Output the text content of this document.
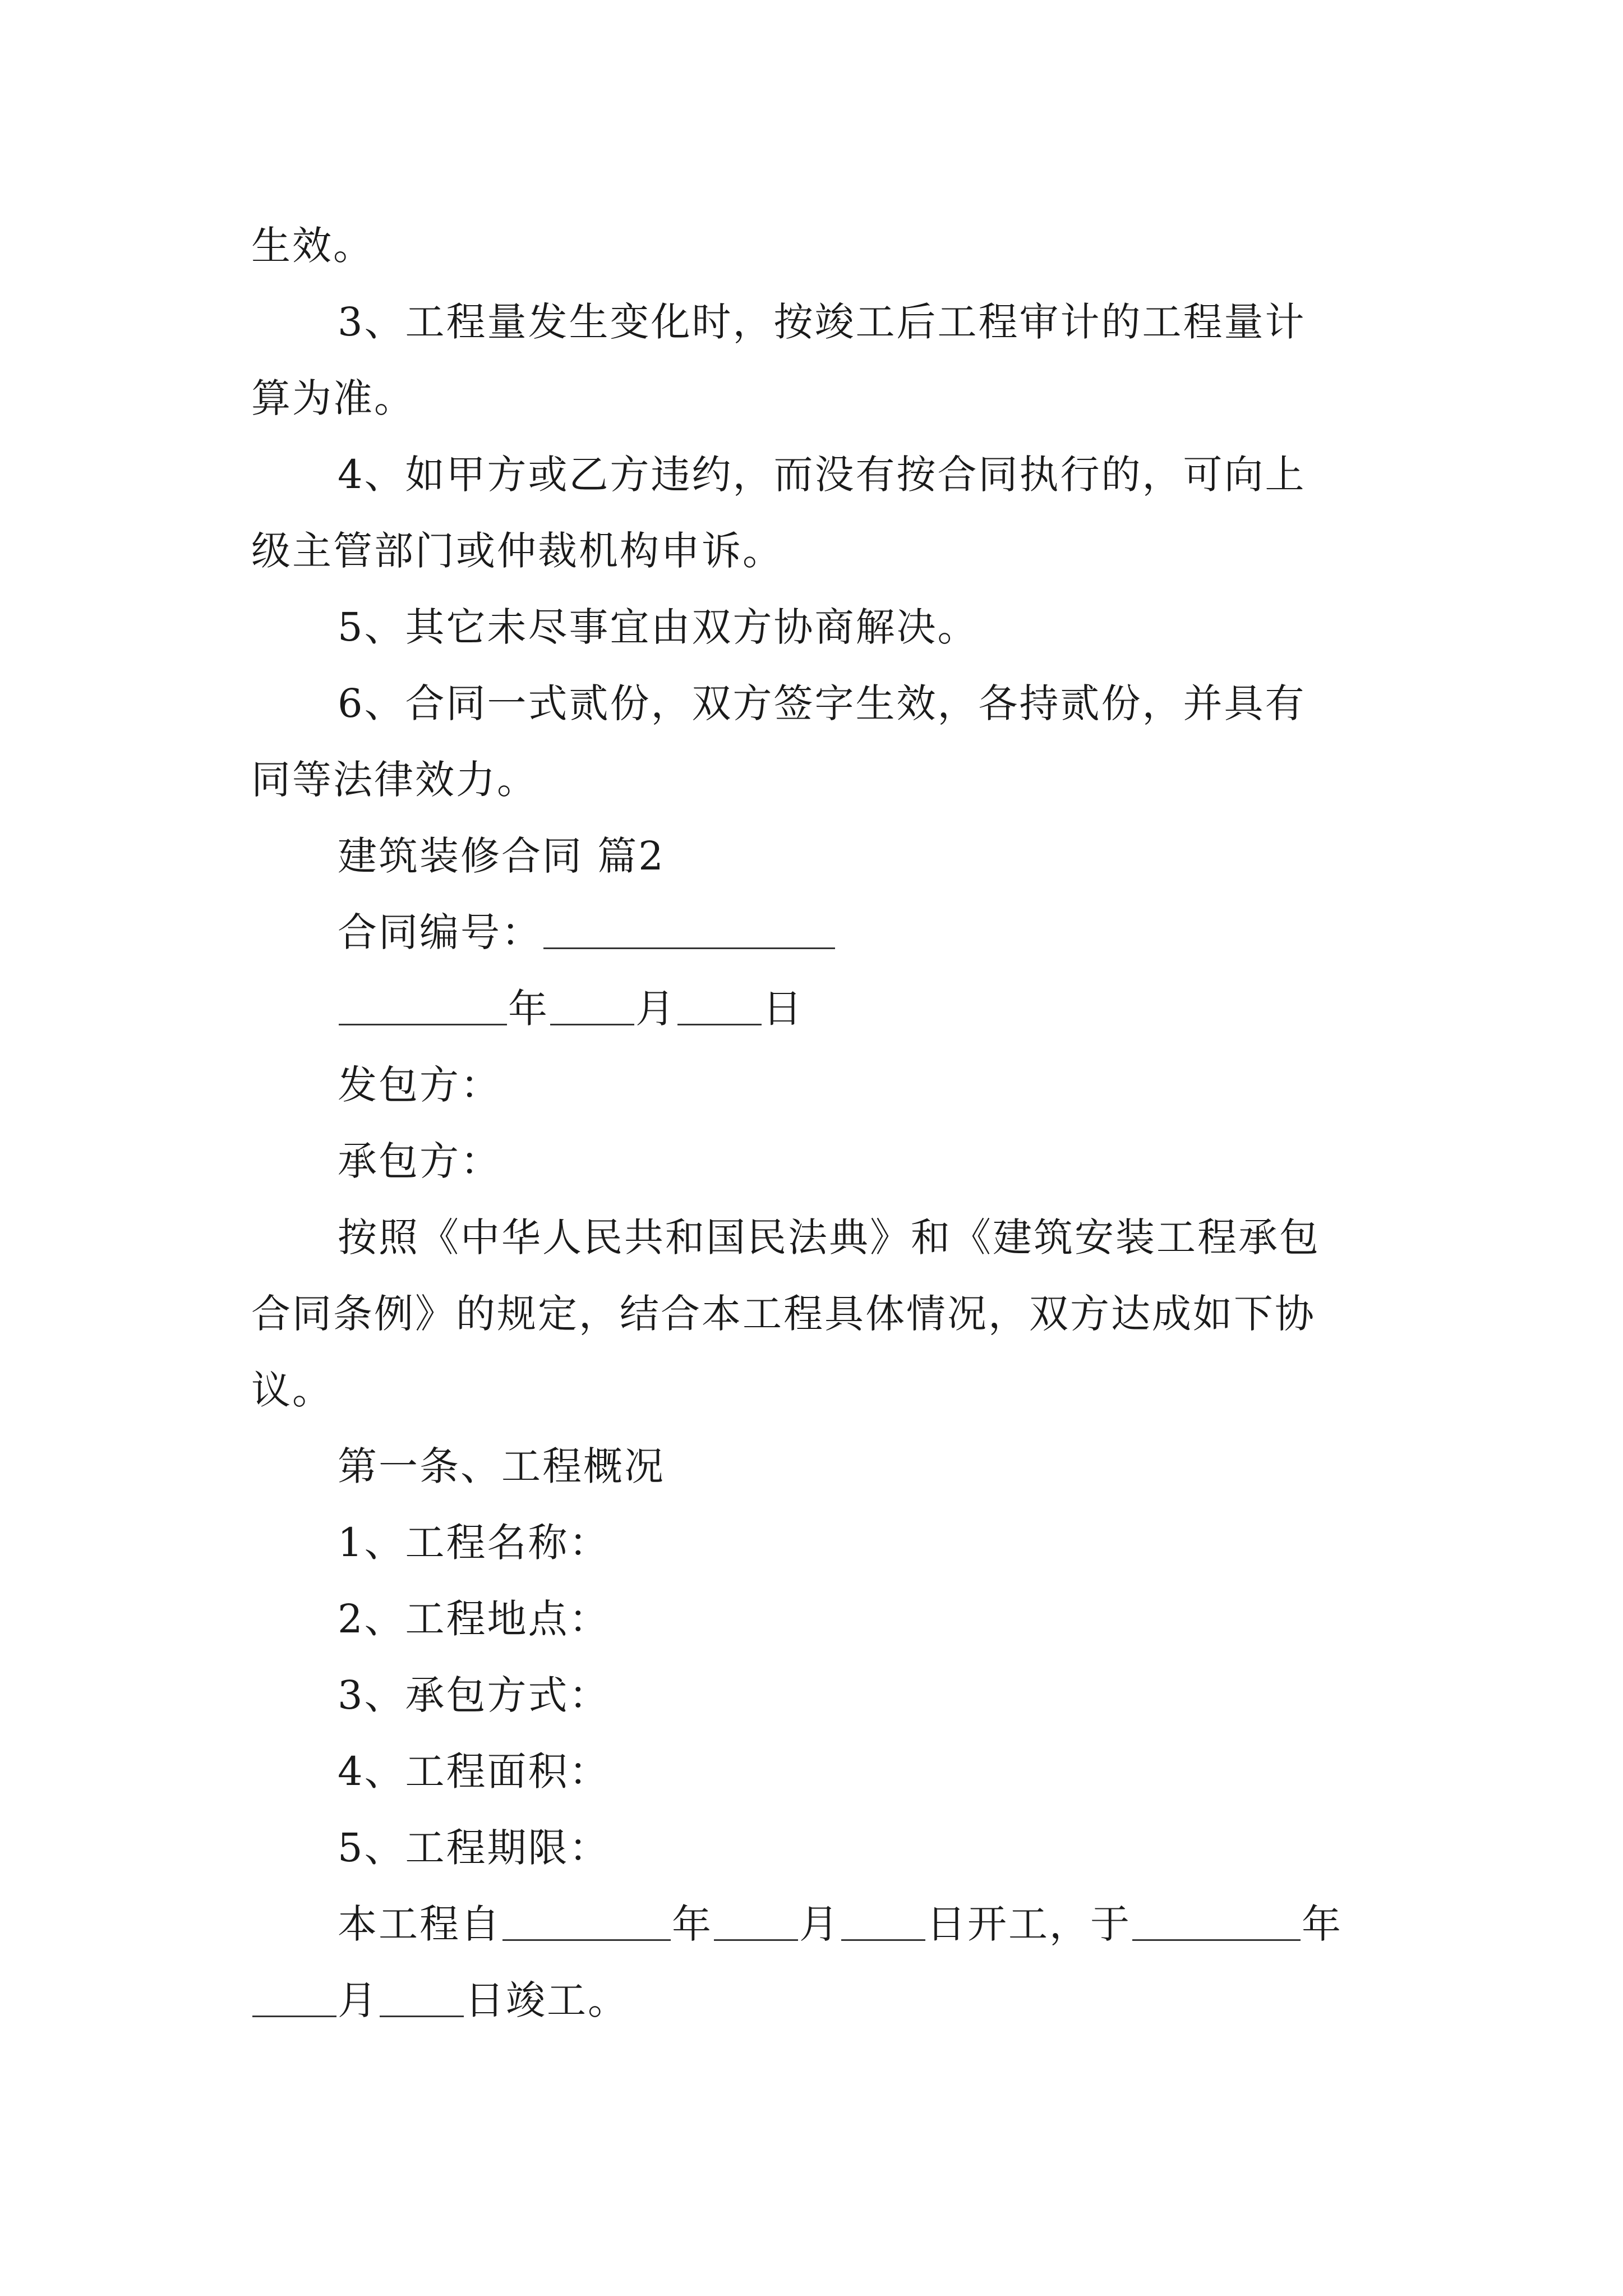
生效。
3、工程量发生变化时，按竣工后工程审计的工程量计
算为准。
4、如甲方或乙方违约，而没有按合同执行的，可向上
级主管部门或仲裁机构申诉。
5、其它未尽事宜由双方协商解决。
6、合同一式贰份，双方签字生效，各持贰份，并具有
同等法律效力。
建筑装修合同 篇2
合同编号：
年 月 日
发包方：
承包方：
按照《中华人民共和国民法典》和《建筑安装工程承包
合同条例》的规定，结合本工程具体情况，双方达成如下协
议。
第一条、工程概况
1、工程名称：
2、工程地点：
3、承包方式：
4、工程面积：
5、工程期限：
本工程自	年 月 日开工，于	年
月 日竣工。
